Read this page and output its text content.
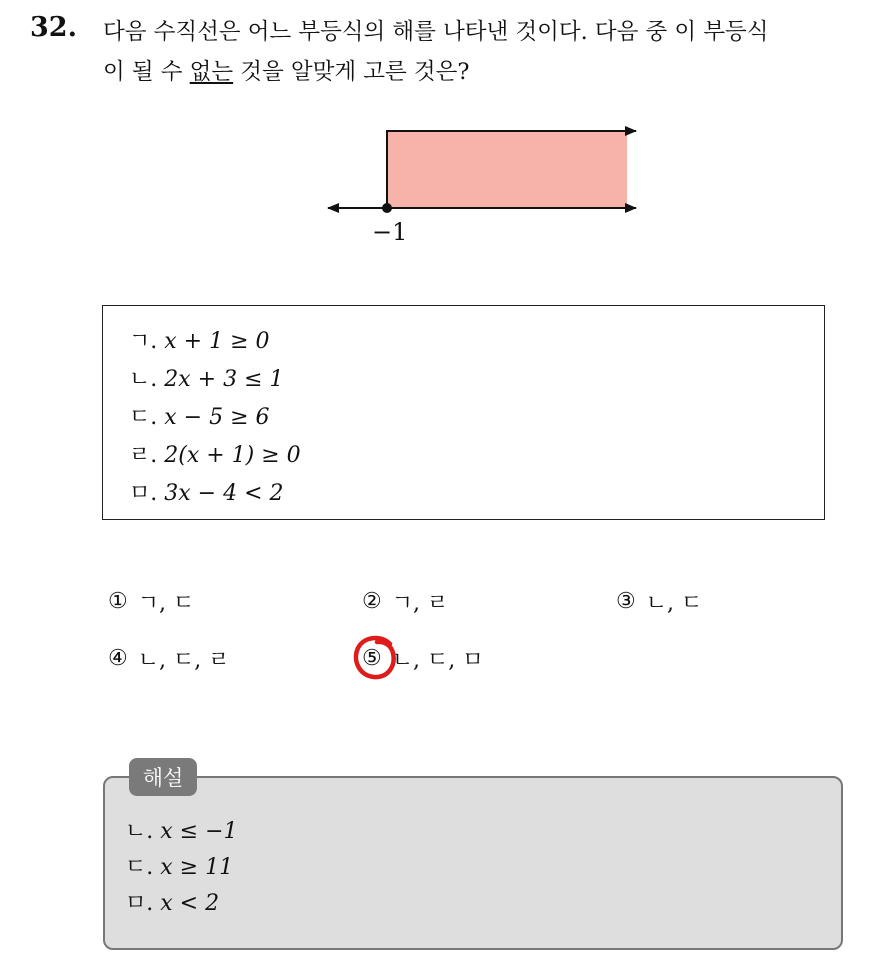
32. 다음 수직선은 어느 부등식의 해를 나타낸 것이다. 다음 중 이 부등식
이 될 수 없는 것을 알맞게 고른 것은?
−1
ㄱ. x + 1 ≥ 0
ㄴ. 2x + 3 ≤ 1
ㄷ. x − 5 ≥ 6
ㄹ. 2(x + 1) ≥ 0
ㅁ. 3x − 4 < 2
① ㄱ, ㄷ	② ㄱ, ㄹ	③ ㄴ, ㄷ
④ ㄴ, ㄷ, ㄹ	⑤ ㄴ, ㄷ, ㅁ
ㄴ. x ≤ −1
ㄷ. x ≥ 11
ㅁ. x < 2
해설
